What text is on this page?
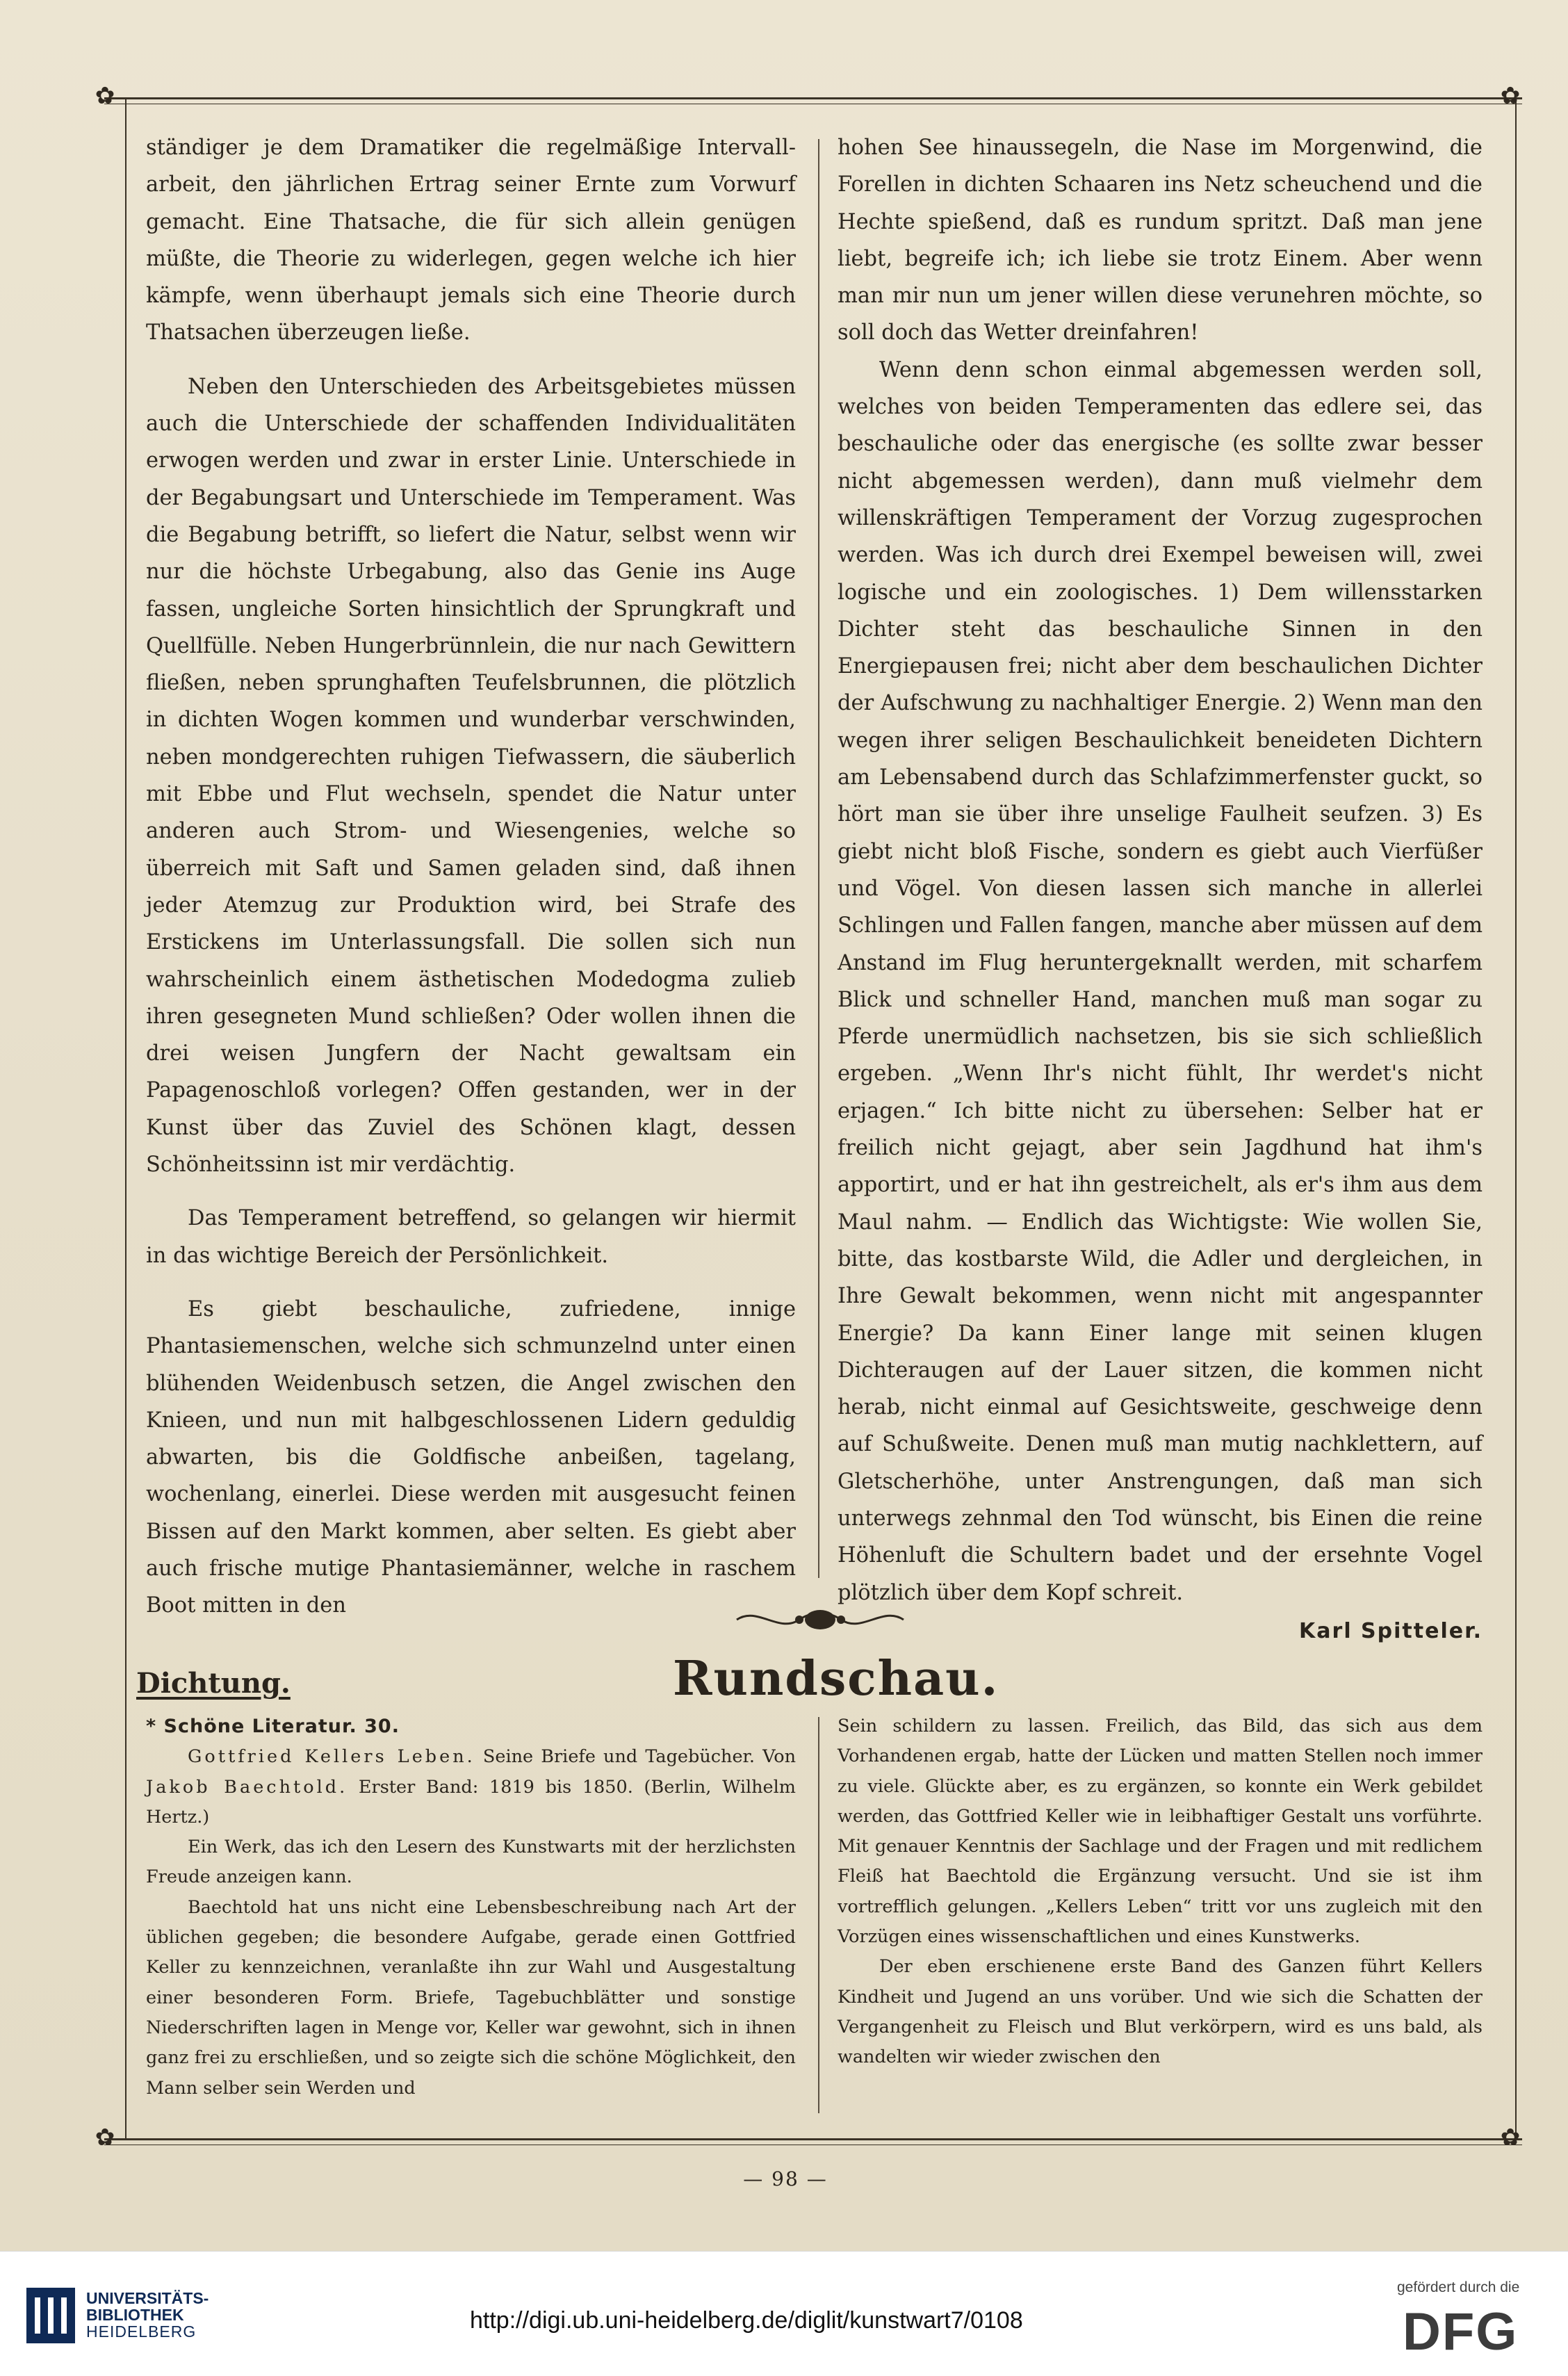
✿	✿
✿	✿

ständiger je dem Dramatiker die regelmäßige Intervall-arbeit, den jährlichen Ertrag seiner Ernte zum Vorwurf gemacht. Eine Thatsache, die für sich allein genügen müßte, die Theorie zu widerlegen, gegen welche ich hier kämpfe, wenn überhaupt jemals sich eine Theorie durch Thatsachen überzeugen ließe.

Neben den Unterschieden des Arbeitsgebietes müssen auch die Unterschiede der schaffenden Individualitäten erwogen werden und zwar in erster Linie. Unterschiede in der Begabungsart und Unterschiede im Temperament. Was die Begabung betrifft, so liefert die Natur, selbst wenn wir nur die höchste Urbegabung, also das Genie ins Auge fassen, ungleiche Sorten hinsichtlich der Sprungkraft und Quellfülle. Neben Hungerbrünnlein, die nur nach Gewittern fließen, neben sprunghaften Teufelsbrunnen, die plötzlich in dichten Wogen kommen und wunderbar verschwinden, neben mondgerechten ruhigen Tiefwassern, die säuberlich mit Ebbe und Flut wechseln, spendet die Natur unter anderen auch Strom- und Wiesengenies, welche so überreich mit Saft und Samen geladen sind, daß ihnen jeder Atemzug zur Produktion wird, bei Strafe des Erstickens im Unterlassungsfall. Die sollen sich nun wahrscheinlich einem ästhetischen Modedogma zulieb ihren gesegneten Mund schließen? Oder wollen ihnen die drei weisen Jungfern der Nacht gewaltsam ein Papagenoschloß vorlegen? Offen gestanden, wer in der Kunst über das Zuviel des Schönen klagt, dessen Schönheitssinn ist mir verdächtig.

Das Temperament betreffend, so gelangen wir hiermit in das wichtige Bereich der Persönlichkeit.

Es giebt beschauliche, zufriedene, innige Phantasiemenschen, welche sich schmunzelnd unter einen blühenden Weidenbusch setzen, die Angel zwischen den Knieen, und nun mit halbgeschlossenen Lidern geduldig abwarten, bis die Goldfische anbeißen, tagelang, wochenlang, einerlei. Diese werden mit ausgesucht feinen Bissen auf den Markt kommen, aber selten. Es giebt aber auch frische mutige Phantasiemänner, welche in raschem Boot mitten in den

hohen See hinaussegeln, die Nase im Morgenwind, die Forellen in dichten Schaaren ins Netz scheuchend und die Hechte spießend, daß es rundum spritzt. Daß man jene liebt, begreife ich; ich liebe sie trotz Einem. Aber wenn man mir nun um jener willen diese verunehren möchte, so soll doch das Wetter dreinfahren!

Wenn denn schon einmal abgemessen werden soll, welches von beiden Temperamenten das edlere sei, das beschauliche oder das energische (es sollte zwar besser nicht abgemessen werden), dann muß vielmehr dem willenskräftigen Temperament der Vorzug zugesprochen werden. Was ich durch drei Exempel beweisen will, zwei logische und ein zoologisches. 1) Dem willensstarken Dichter steht das beschauliche Sinnen in den Energiepausen frei; nicht aber dem beschaulichen Dichter der Aufschwung zu nachhaltiger Energie. 2) Wenn man den wegen ihrer seligen Beschaulichkeit beneideten Dichtern am Lebensabend durch das Schlafzimmerfenster guckt, so hört man sie über ihre unselige Faulheit seufzen. 3) Es giebt nicht bloß Fische, sondern es giebt auch Vierfüßer und Vögel. Von diesen lassen sich manche in allerlei Schlingen und Fallen fangen, manche aber müssen auf dem Anstand im Flug heruntergeknallt werden, mit scharfem Blick und schneller Hand, manchen muß man sogar zu Pferde unermüdlich nachsetzen, bis sie sich schließlich ergeben. „Wenn Ihr's nicht fühlt, Ihr werdet's nicht erjagen.“ Ich bitte nicht zu übersehen: Selber hat er freilich nicht gejagt, aber sein Jagdhund hat ihm's apportirt, und er hat ihn gestreichelt, als er's ihm aus dem Maul nahm. — Endlich das Wichtigste: Wie wollen Sie, bitte, das kostbarste Wild, die Adler und dergleichen, in Ihre Gewalt bekommen, wenn nicht mit angespannter Energie? Da kann Einer lange mit seinen klugen Dichteraugen auf der Lauer sitzen, die kommen nicht herab, nicht einmal auf Gesichtsweite, geschweige denn auf Schußweite. Denen muß man mutig nachklettern, auf Gletscherhöhe, unter Anstrengungen, daß man sich unterwegs zehnmal den Tod wünscht, bis Einen die reine Höhenluft die Schultern badet und der ersehnte Vogel plötzlich über dem Kopf schreit.

Karl Spitteler.
Dichtung.	Rundschau.

* Schöne Literatur. 30.

Gottfried Kellers Leben. Seine Briefe und Tagebücher. Von Jakob Baechtold. Erster Band: 1819 bis 1850. (Berlin, Wilhelm Hertz.)

Ein Werk, das ich den Lesern des Kunstwarts mit der herzlichsten Freude anzeigen kann.

Baechtold hat uns nicht eine Lebensbeschreibung nach Art der üblichen gegeben; die besondere Aufgabe, gerade einen Gottfried Keller zu kennzeichnen, veranlaßte ihn zur Wahl und Ausgestaltung einer besonderen Form. Briefe, Tagebuchblätter und sonstige Niederschriften lagen in Menge vor, Keller war gewohnt, sich in ihnen ganz frei zu erschließen, und so zeigte sich die schöne Möglichkeit, den Mann selber sein Werden und

Sein schildern zu lassen. Freilich, das Bild, das sich aus dem Vorhandenen ergab, hatte der Lücken und matten Stellen noch immer zu viele. Glückte aber, es zu ergänzen, so konnte ein Werk gebildet werden, das Gottfried Keller wie in leibhaftiger Gestalt uns vorführte. Mit genauer Kenntnis der Sachlage und der Fragen und mit redlichem Fleiß hat Baechtold die Ergänzung versucht. Und sie ist ihm vortrefflich gelungen. „Kellers Leben“ tritt vor uns zugleich mit den Vorzügen eines wissenschaftlichen und eines Kunstwerks.

Der eben erschienene erste Band des Ganzen führt Kellers Kindheit und Jugend an uns vorüber. Und wie sich die Schatten der Vergangenheit zu Fleisch und Blut verkörpern, wird es uns bald, als wandelten wir wieder zwischen den

— 98 —
UNIVERSITÄTS-
BIBLIOTHEK
HEIDELBERG	http://digi.ub.uni-heidelberg.de/diglit/kunstwart7/0108
gefördert durch die
DFG
